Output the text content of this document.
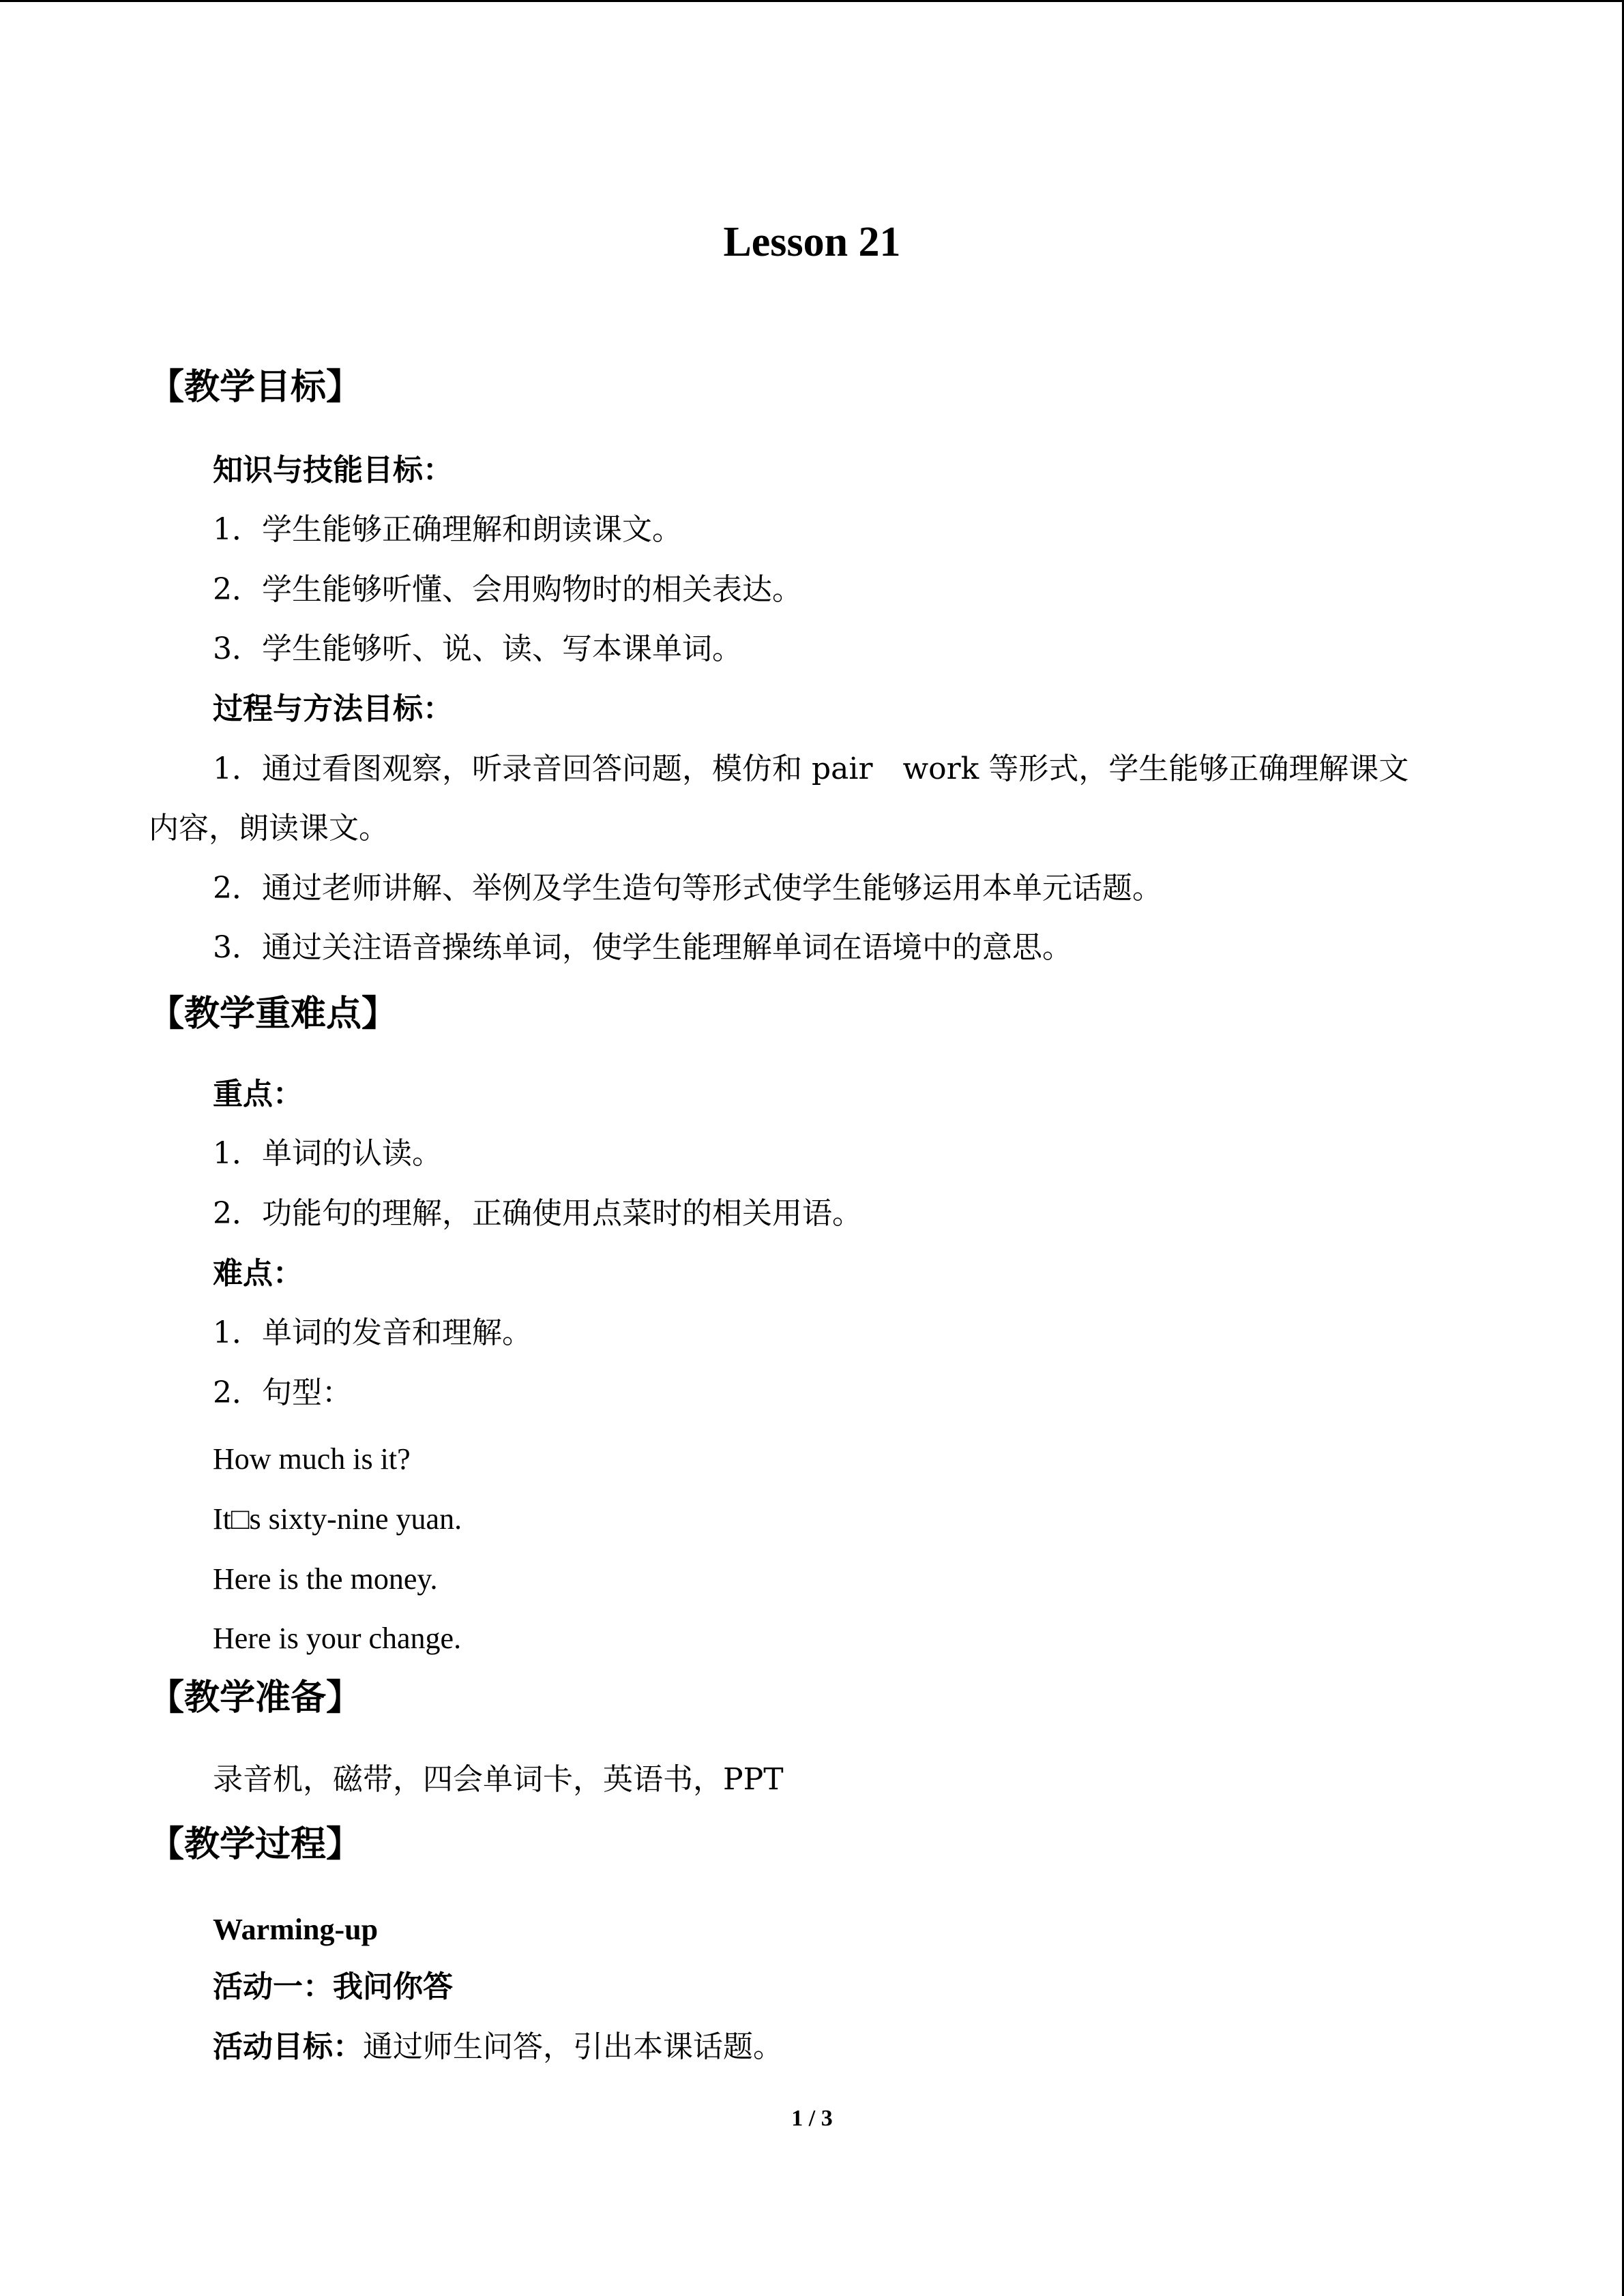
Lesson 21
【教学目标】
知识与技能目标：
1．学生能够正确理解和朗读课文。
2．学生能够听懂、会用购物时的相关表达。
3．学生能够听、说、读、写本课单词。
过程与方法目标：
1．通过看图观察，听录音回答问题，模仿和 pair　work 等形式，学生能够正确理解课文
内容，朗读课文。
2．通过老师讲解、举例及学生造句等形式使学生能够运用本单元话题。
3．通过关注语音操练单词，使学生能理解单词在语境中的意思。
【教学重难点】
重点：
1．单词的认读。
2．功能句的理解，正确使用点菜时的相关用语。
难点：
1．单词的发音和理解。
2．句型：
How much is it?
It□s sixty-nine yuan.
Here is the money.
Here is your change.
【教学准备】
录音机，磁带，四会单词卡，英语书，PPT
【教学过程】
Warming-up
活动一：我问你答
活动目标：通过师生问答，引出本课话题。
1 / 3
